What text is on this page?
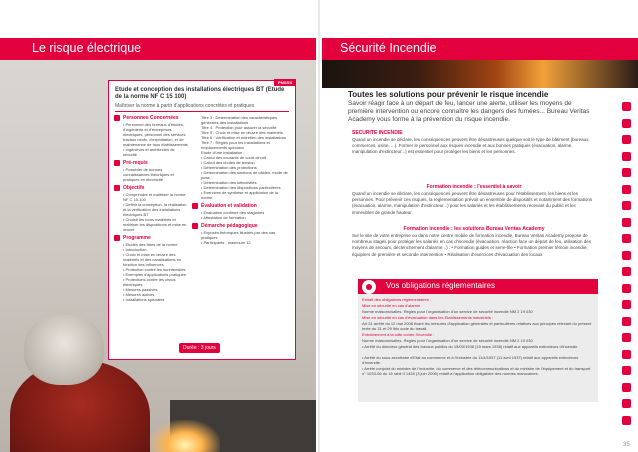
Le risque électrique
PMSSS
Etude et conception des installations électriques BT (Etude de la norme NF C 15 100)
Maîtriser la norme à partir d'applications concrètes et pratiques
Personnes Concernées
• Personnel des bureaux d'études, d'ingénierie et d'entreprises électriques, personnel des services travaux neufs, d'exploitation, et de maintenance de tous établissements
• Ingénieurs et architectes de sécurité
Pré-requis
• Posséder de bonnes connaissances théoriques et pratiques en électricité
Objectifs
• Comprendre et maîtriser la norme NF C 15-100
• Définir la conception, la réalisation et la vérification des installations électriques BT
• Choisir les bons matériels et maîtriser les dispositions et mise en œuvre
Programme
• Etudes des titres de la norme
• Introduction
• Choix et mise en œuvre des matériels et des canalisations en fonction des influences
• Protection contre les surintensités
• Exemples d'applications pratiques
• Protections contre les chocs électriques
• Mesures passives
• Mesures actives
• Installations spéciales
Titre 3 : Détermination des caractéristiques générales des installations
Titre 4 : Protection pour assurer la sécurité
Titre 5 : Choix et mise en œuvre des matériels
Titre 6 : Vérification et entretien des installations
Titre 7 : Règles pour les installations et emplacements spéciaux
Etude d'une installation :
• Calcul des courants de court-circuit
• Calcul des chutes de tension
• Détermination des protections
• Détermination des sections de câbles, mode de pose...
• Détermination des sélectivités
• Détermination des dispositions particulières
• Exercices de synthèse et application de la norme
Evaluation et validation
• Evaluation continue des stagiaires
• Attestation de formation
Démarche pédagogique
• Exposés théoriques illustrés par des cas pratiques
• Participants : maximum 12
Durée : 3 jours
Sécurité Incendie
Toutes les solutions pour prévenir le risque incendie
Savoir réagir face à un départ de feu, lancer une alerte, utiliser les moyens de première intervention ou encore connaître les dangers des fumées... Bureau Veritas Academy vous forme à la prévention du risque incendie.
SECURITE INCENDIE
Quand un incendie se déclare, les conséquences peuvent être désastreuses quelque soit le type de bâtiment (bureaux, commerces, usine, ...). Former le personnel aux risques incendie et aux bonnes pratiques (évacuation, alarme, manipulation d'extincteur...) est essentiel pour protéger les biens et les personnes.
Formation incendie : l'essentiel à savoir
Quand un incendie se déclare, les conséquences peuvent être désastreuses pour l'établissement, les biens et les personnes. Pour prévenir ces risques, la réglementation prévoit un ensemble de dispositifs et notamment des formations (évacuation, alarme, manipulation d'extincteur...) pour les salariés et les établissements recevant du public et les immeubles de grande hauteur.
Formation incendie : les solutions Bureau Veritas Academy
Sur le site de votre entreprise ou dans notre centre mobile de formation incendie, Bureau Veritas Academy propose de nombreux stages pour protéger les salariés en cas d'incendie (évacuation, réaction face un départ de feu, utilisation des moyens de secours, déclenchement d'alarme...) : • Formation guides et serre-file • Formation premier témoin incendie, équipiers de première et seconde intervention • Réalisation d'exercices d'évacuation des locaux
Vos obligations réglementaires
Extrait des obligations réglementaires :
Mise en sécurité en cas d'alarme
Norme maisons/salles. Règles pour l'organisation d'un service de sécurité incendie NM 2 19 030
Mise en sécurité en cas d'évacuation dans les Etablissements industriels :
Art 31 arrêté du 12 mai 2008 fixant les mesures d'application générales et particulières relatives aux principes relevant du présent texte du 31 et 29 Ibis code du travail.
Entraînement à la lutte contre l'incendie :
Norme maisons/salles. Règles pour l'organisation d'un service de sécurité incendie NM 2 19 030
• Arrêté du directeur général des travaux publics du 15/03/1938 (15 mars 1938) relatif aux appareils extincteurs d'incendie.
• Arrêté du sous-secrétaire d'Etat au commerce et à l'industrie du 11/4/1937 (11 avril 1937) relatif aux appareils extincteurs d'incendie.
• Arrêté conjoint du ministre de l'industrie, du commerce et des télécommunications et du ministre de l'équipement et du transport n° 1033-06 du 16 rabii II 1428 (3 juin 2006) relatif à l'application obligatoire des normes marocaines.
35
